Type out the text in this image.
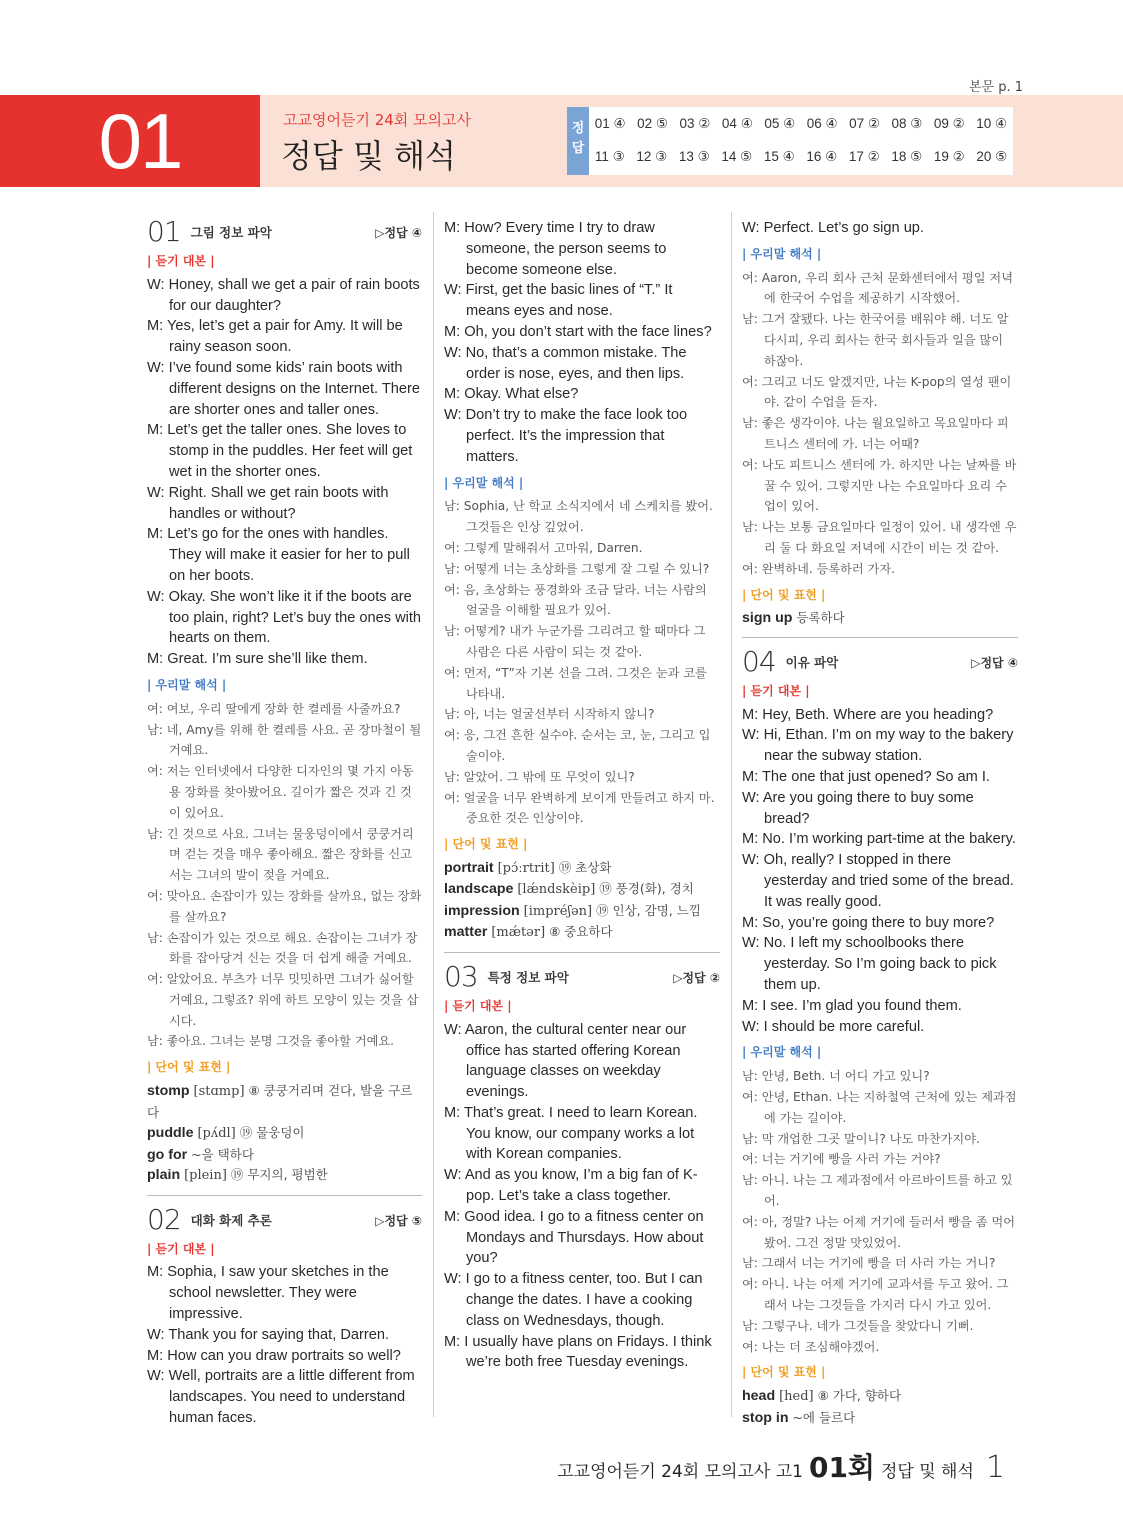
본문 p. 1
01	고교영어듣기 24회 모의고사
정답 및 해석
정답
01 ④ 02 ⑤ 03 ② 04 ④ 05 ④ 06 ④ 07 ② 08 ③ 09 ② 10 ④
11 ③ 12 ③ 13 ③ 14 ⑤ 15 ④ 16 ④ 17 ② 18 ⑤ 19 ② 20 ⑤
01 그림 정보 파악	▷정답 ④
| 듣기 대본 |
W: Honey, shall we get a pair of rain boots for our daughter?
M: Yes, let’s get a pair for Amy. It will be rainy season soon.
W: I’ve found some kids’ rain boots with different designs on the Internet. There are shorter ones and taller ones.
M: Let’s get the taller ones. She loves to stomp in the puddles. Her feet will get wet in the shorter ones.
W: Right. Shall we get rain boots with handles or without?
M: Let’s go for the ones with handles. They will make it easier for her to pull on her boots.
W: Okay. She won’t like it if the boots are too plain, right? Let’s buy the ones with hearts on them.
M: Great. I’m sure she’ll like them.
| 우리말 해석 |
여: 여보, 우리 딸에게 장화 한 켤레를 사줄까요?
남: 네, Amy를 위해 한 켤레를 사요. 곧 장마철이 될 거예요.
여: 저는 인터넷에서 다양한 디자인의 몇 가지 아동용 장화를 찾아봤어요. 길이가 짧은 것과 긴 것이 있어요.
남: 긴 것으로 사요. 그녀는 물웅덩이에서 쿵쿵거리며 걷는 것을 매우 좋아해요. 짧은 장화를 신고서는 그녀의 발이 젖을 거예요.
여: 맞아요. 손잡이가 있는 장화를 살까요, 없는 장화를 살까요?
남: 손잡이가 있는 것으로 해요. 손잡이는 그녀가 장화를 잡아당겨 신는 것을 더 쉽게 해줄 거예요.
여: 알았어요. 부츠가 너무 밋밋하면 그녀가 싫어할 거예요, 그렇죠? 위에 하트 모양이 있는 것을 삽시다.
남: 좋아요. 그녀는 분명 그것을 좋아할 거예요.
| 단어 및 표현 |
stomp [stɑmp] ⑧ 쿵쿵거리며 걷다, 발을 구르다
puddle [pʌ́dl] ⑲ 물웅덩이
go for ~을 택하다
plain [plein] ⑲ 무지의, 평범한
02 대화 화제 추론	▷정답 ⑤
| 듣기 대본 |
M: Sophia, I saw your sketches in the school newsletter. They were impressive.
W: Thank you for saying that, Darren.
M: How can you draw portraits so well?
W: Well, portraits are a little different from landscapes. You need to understand human faces.
M: How? Every time I try to draw someone, the person seems to become someone else.
W: First, get the basic lines of “T.” It means eyes and nose.
M: Oh, you don’t start with the face lines?
W: No, that’s a common mistake. The order is nose, eyes, and then lips.
M: Okay. What else?
W: Don’t try to make the face look too perfect. It’s the impression that matters.
| 우리말 해석 |
남: Sophia, 난 학교 소식지에서 네 스케치를 봤어. 그것들은 인상 깊었어.
여: 그렇게 말해줘서 고마워, Darren.
남: 어떻게 너는 초상화를 그렇게 잘 그릴 수 있니?
여: 음, 초상화는 풍경화와 조금 달라. 너는 사람의 얼굴을 이해할 필요가 있어.
남: 어떻게? 내가 누군가를 그리려고 할 때마다 그 사람은 다른 사람이 되는 것 같아.
여: 먼저, “T”자 기본 선을 그려. 그것은 눈과 코를 나타내.
남: 아, 너는 얼굴선부터 시작하지 않니?
여: 응, 그건 흔한 실수야. 순서는 코, 눈, 그리고 입술이야.
남: 알았어. 그 밖에 또 무엇이 있니?
여: 얼굴을 너무 완벽하게 보이게 만들려고 하지 마. 중요한 것은 인상이야.
| 단어 및 표현 |
portrait [pɔ́ːrtrit] ⑲ 초상화
landscape [lǽndskèip] ⑲ 풍경(화), 경치
impression [impréʃən] ⑲ 인상, 감명, 느낌
matter [mǽtər] ⑧ 중요하다
03 특정 정보 파악	▷정답 ②
| 듣기 대본 |
W: Aaron, the cultural center near our office has started offering Korean language classes on weekday evenings.
M: That’s great. I need to learn Korean. You know, our company works a lot with Korean companies.
W: And as you know, I’m a big fan of K-pop. Let’s take a class together.
M: Good idea. I go to a fitness center on Mondays and Thursdays. How about you?
W: I go to a fitness center, too. But I can change the dates. I have a cooking class on Wednesdays, though.
M: I usually have plans on Fridays. I think we’re both free Tuesday evenings.
W: Perfect. Let’s go sign up.
| 우리말 해석 |
여: Aaron, 우리 회사 근처 문화센터에서 평일 저녁에 한국어 수업을 제공하기 시작했어.
남: 그거 잘됐다. 나는 한국어를 배워야 해. 너도 알다시피, 우리 회사는 한국 회사들과 일을 많이 하잖아.
여: 그리고 너도 알겠지만, 나는 K-pop의 열성 팬이야. 같이 수업을 듣자.
남: 좋은 생각이야. 나는 월요일하고 목요일마다 피트니스 센터에 가. 너는 어때?
여: 나도 피트니스 센터에 가. 하지만 나는 날짜를 바꿀 수 있어. 그렇지만 나는 수요일마다 요리 수업이 있어.
남: 나는 보통 금요일마다 일정이 있어. 내 생각엔 우리 둘 다 화요일 저녁에 시간이 비는 것 같아.
여: 완벽하네. 등록하러 가자.
| 단어 및 표현 |
sign up 등록하다
04 이유 파악	▷정답 ④
| 듣기 대본 |
M: Hey, Beth. Where are you heading?
W: Hi, Ethan. I’m on my way to the bakery near the subway station.
M: The one that just opened? So am I.
W: Are you going there to buy some bread?
M: No. I’m working part-time at the bakery.
W: Oh, really? I stopped in there yesterday and tried some of the bread. It was really good.
M: So, you’re going there to buy more?
W: No. I left my schoolbooks there yesterday. So I’m going back to pick them up.
M: I see. I’m glad you found them.
W: I should be more careful.
| 우리말 해석 |
남: 안녕, Beth. 너 어디 가고 있니?
여: 안녕, Ethan. 나는 지하철역 근처에 있는 제과점에 가는 길이야.
남: 막 개업한 그곳 말이니? 나도 마찬가지야.
여: 너는 거기에 빵을 사러 가는 거야?
남: 아니. 나는 그 제과점에서 아르바이트를 하고 있어.
여: 아, 정말? 나는 어제 거기에 들러서 빵을 좀 먹어봤어. 그건 정말 맛있었어.
남: 그래서 너는 거기에 빵을 더 사러 가는 거니?
여: 아니. 나는 어제 거기에 교과서를 두고 왔어. 그래서 나는 그것들을 가지러 다시 가고 있어.
남: 그렇구나. 네가 그것들을 찾았다니 기뻐.
여: 나는 더 조심해야겠어.
| 단어 및 표현 |
head [hed] ⑧ 가다, 향하다
stop in ~에 들르다
고교영어듣기 24회 모의고사 고1 01회 정답 및 해석 1
